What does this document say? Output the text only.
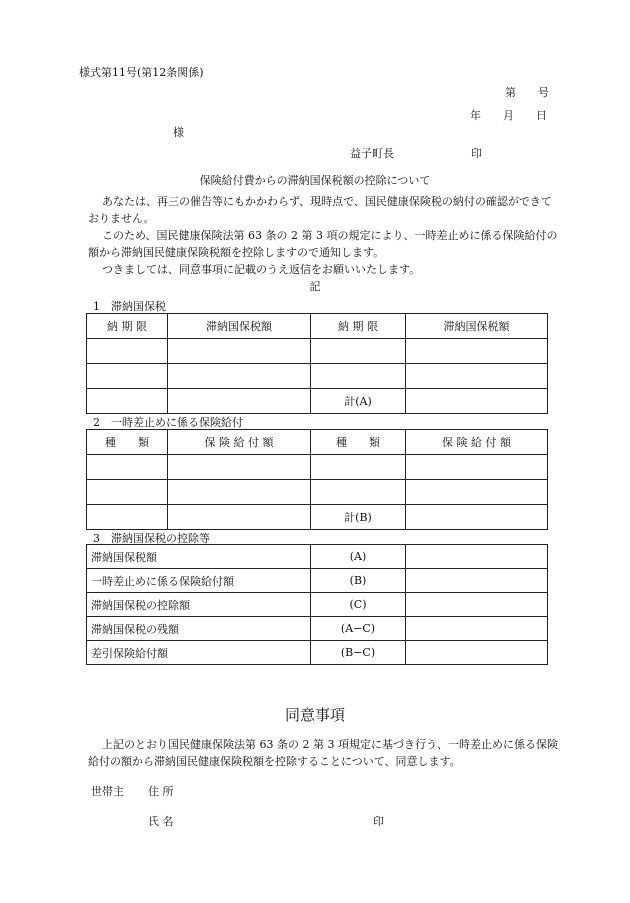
様式第11号(第12条関係)
第　　号
年　　月　　日
様
益子町長　　　　　　　印
保険給付費からの滞納国保税額の控除について

あなたは、再三の催告等にもかかわらず、現時点で、国民健康保険税の納付の確認ができておりません。

このため、国民健康保険法第 63 条の 2 第 3 項の規定により、一時差止めに係る保険給付の額から滞納国民健康保険税額を控除しますので通知します。

つきましては、同意事項に記載のうえ返信をお願いいたします。

記
1　滞納国保税
納 期 限	滞納国保税額	納 期 限	滞納国保税額

		計(A)	
2　一時差止めに係る保険給付
種　　類	保 険 給 付 額	種　　類	保 険 給 付 額

		計(B)	
3　滞納国保税の控除等
滞納国保税額	(A)	
一時差止めに係る保険給付額	(B)	
滞納国保税の控除額	(C)	
滞納国保税の残額	(A−C)	
差引保険給付額	(B−C)	
同意事項

上記のとおり国民健康保険法第 63 条の 2 第 3 項規定に基づき行う、一時差止めに係る保険給付の額から滞納国民健康保険税額を控除することについて、同意します。

世帯主 住 所
氏 名	印
